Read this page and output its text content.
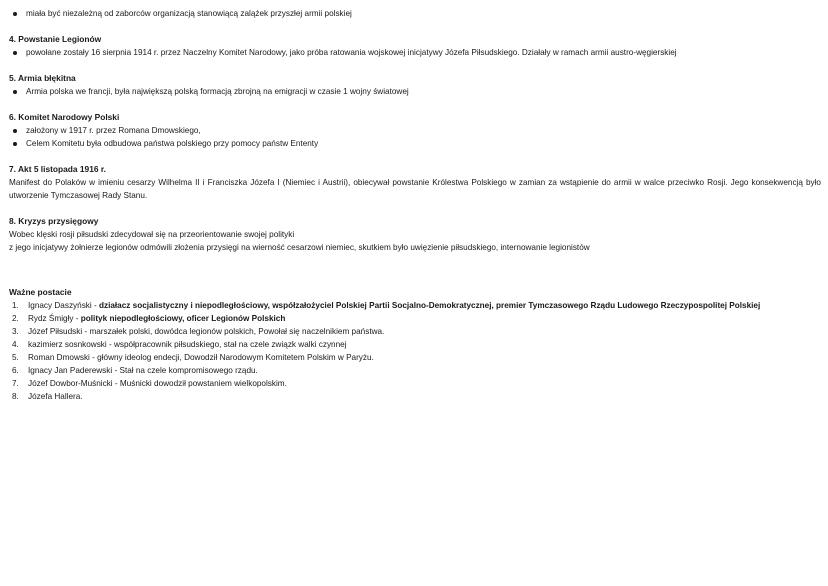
miała być niezależną od zaborców organizacją stanowiącą zalążek przyszłej armii polskiej
4. Powstanie Legionów
powołane zostały 16 sierpnia 1914 r. przez Naczelny Komitet Narodowy, jako próba ratowania wojskowej inicjatywy Józefa Piłsudskiego. Działały w ramach armii austro-węgierskiej
5. Armia błękitna
Armia polska we francji, była największą polską formacją zbrojną na emigracji w czasie 1 wojny światowej
6. Komitet Narodowy Polski
założony w 1917 r. przez Romana Dmowskiego,
Celem Komitetu była odbudowa państwa polskiego przy pomocy państw Ententy
7. Akt 5 listopada 1916 r.

Manifest do Polaków w imieniu cesarzy Wilhelma II i Franciszka Józefa I (Niemiec i Austrii), obiecywał powstanie Królestwa Polskiego w zamian za wstąpienie do armii w walce przeciwko Rosji. Jego konsekwencją było utworzenie Tymczasowej Rady Stanu.

8. Kryzys przysięgowy

Wobec klęski rosji piłsudski zdecydował się na przeorientowanie swojej polityki

z jego inicjatywy żołnierze legionów odmówili złożenia przysięgi na wierność cesarzowi niemiec, skutkiem było uwięzienie piłsudskiego, internowanie legionistów

Ważne postacie
1.	Ignacy Daszyński - działacz socjalistyczny i niepodległościowy, współzałożyciel Polskiej Partii Socjalno-Demokratycznej, premier Tymczasowego Rządu Ludowego Rzeczypospolitej Polskiej
2.	Rydz Śmigły - polityk niepodległościowy, oficer Legionów Polskich
3.	Józef Piłsudski - marszałek polski, dowódca legionów polskich, Powołał się naczelnikiem państwa.
4.	kazimierz sosnkowski - współpracownik piłsudskiego, stał na czele związk walki czynnej
5.	Roman Dmowski - główny ideolog endecji, Dowodził Narodowym Komitetem Polskim w Paryżu.
6.	Ignacy Jan Paderewski - Stał na czele kompromisowego rządu.
7.	Józef Dowbor-Muśnicki - Muśnicki dowodził powstaniem wielkopolskim.
8.	Józefa Hallera.
